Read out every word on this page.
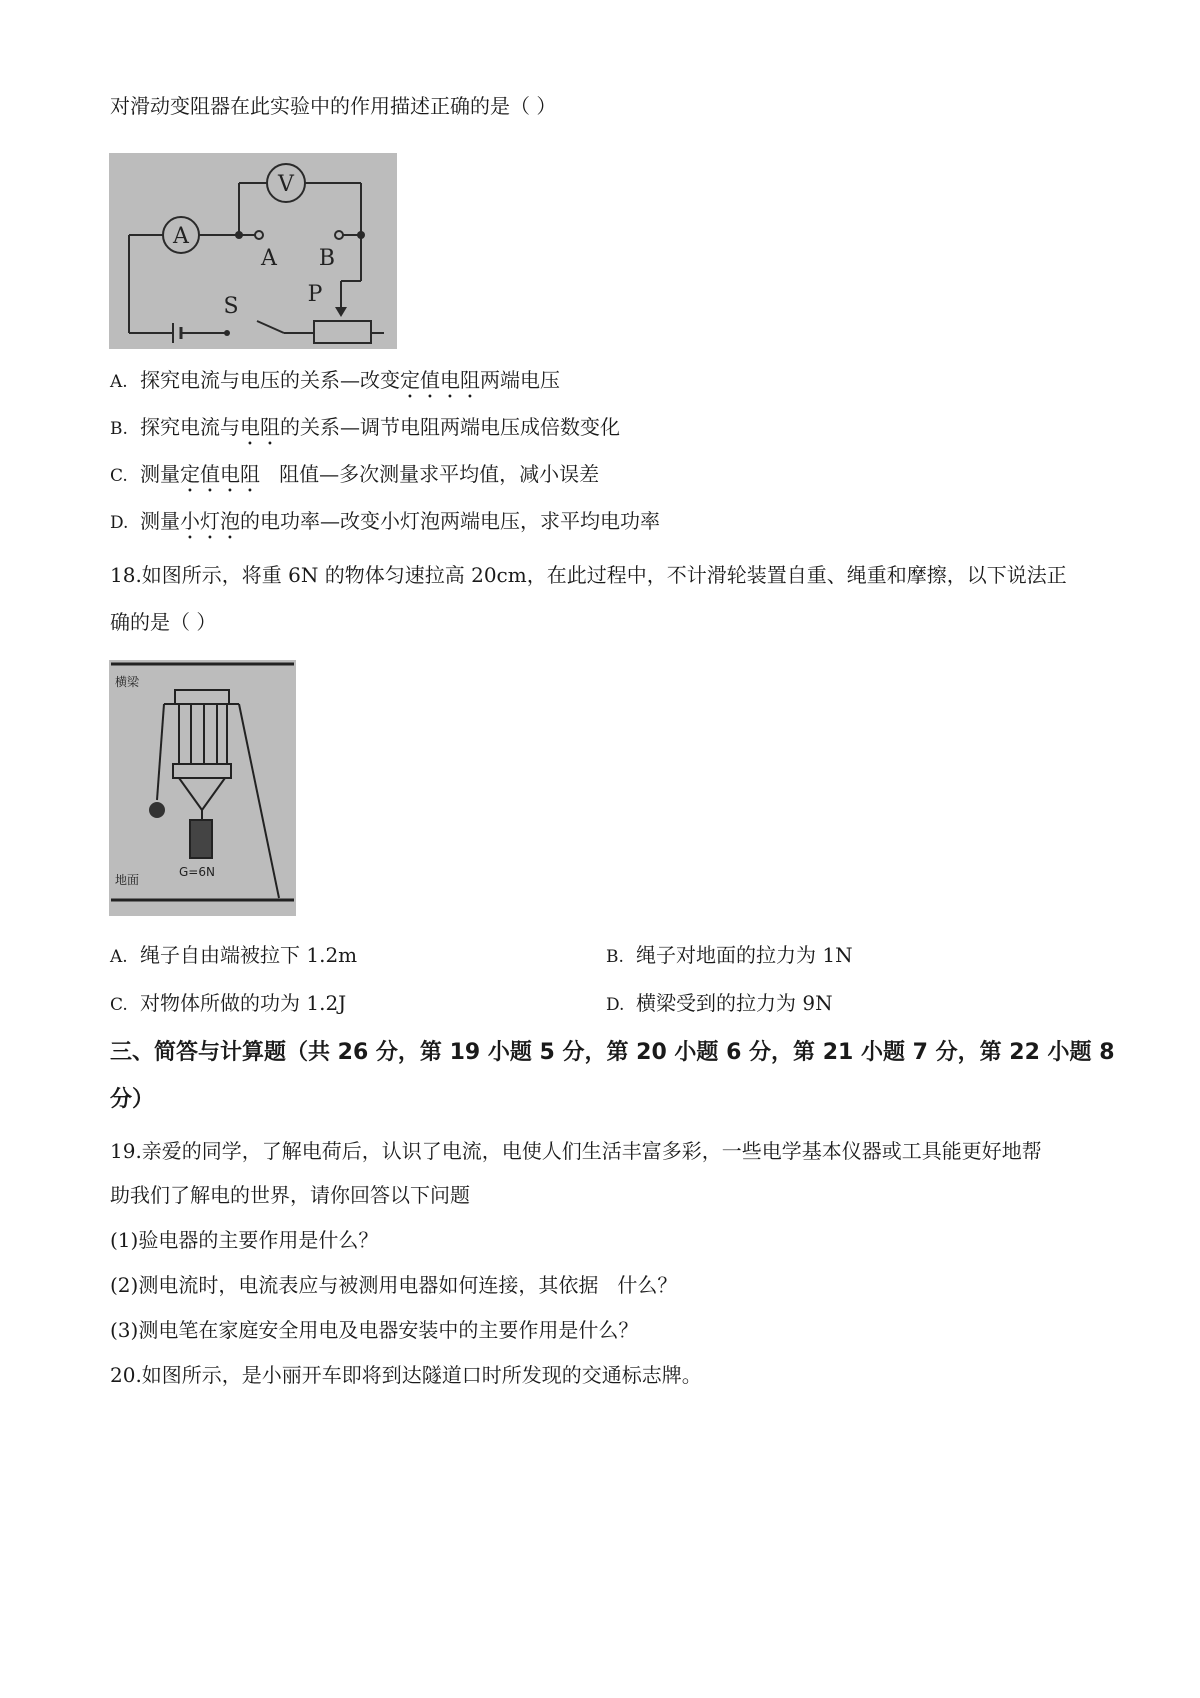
对滑动变阻器在此实验中的作用描述正确的是（ ）
A
V
A B
S	P
A. 探究电流与电压的关系—改变定值电阻两端电压
B. 探究电流与电阻的关系—调节电阻两端电压成倍数变化
C. 测量定值电阻   阻值—多次测量求平均值，减小误差
D. 测量小灯泡的电功率—改变小灯泡两端电压，求平均电功率
18.如图所示，将重 6N 的物体匀速拉高 20cm，在此过程中，不计滑轮装置自重、绳重和摩擦，以下说法正
确的是（ ）
横梁
地面
G=6N
A. 绳子自由端被拉下 1.2m	B. 绳子对地面的拉力为 1N
C. 对物体所做的功为 1.2J	D. 横梁受到的拉力为 9N
三、简答与计算题（共 26 分，第 19 小题 5 分，第 20 小题 6 分，第 21 小题 7 分，第 22 小题 8
分）
19.亲爱的同学，了解电荷后，认识了电流，电使人们生活丰富多彩，一些电学基本仪器或工具能更好地帮
助我们了解电的世界，请你回答以下问题
(1)验电器的主要作用是什么？
(2)测电流时，电流表应与被测用电器如何连接，其依据   什么？
(3)测电笔在家庭安全用电及电器安装中的主要作用是什么？
20.如图所示，是小丽开车即将到达隧道口时所发现的交通标志牌。
